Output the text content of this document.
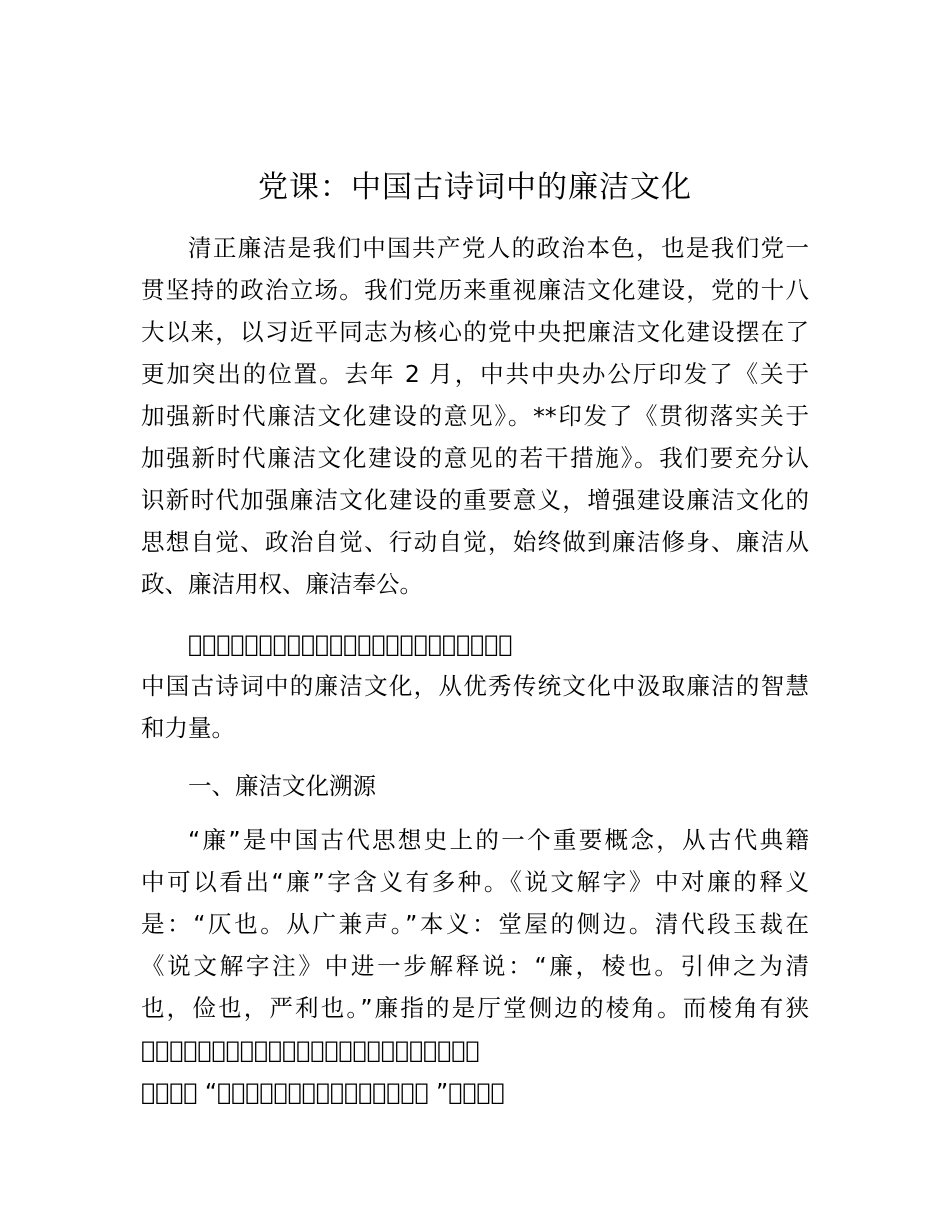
党课：中国古诗词中的廉洁文化
清正廉洁是我们中国共产党人的政治本色，也是我们党一
贯坚持的政治立场。我们党历来重视廉洁文化建设，党的十八
大以来，以习近平同志为核心的党中央把廉洁文化建设摆在了
更加突出的位置。去年 2 月，中共中央办公厅印发了《关于
加强新时代廉洁文化建设的意见》。**印发了《贯彻落实关于
加强新时代廉洁文化建设的意见的若干措施》。我们要充分认
识新时代加强廉洁文化建设的重要意义，增强建设廉洁文化的
思想自觉、政治自觉、行动自觉，始终做到廉洁修身、廉洁从
政、廉洁用权、廉洁奉公。
􀀀􀀀􀀀􀀀􀀀􀀀􀀀􀀀􀀀􀀀􀀀􀀀􀀀􀀀􀀀􀀀􀀀􀀀􀀀􀀀􀀀􀀀􀀀
中国古诗词中的廉洁文化，从优秀传统文化中汲取廉洁的智慧
和力量。
一、廉洁文化溯源
“廉”是中国古代思想史上的一个重要概念，从古代典籍
中可以看出“廉”字含义有多种。《说文解字》中对廉的释义
是：“仄也。从广兼声。”本义：堂屋的侧边。清代段玉裁在
《说文解字注》中进一步解释说：“廉，棱也。引伸之为清
也，俭也，严利也。”廉指的是厅堂侧边的棱角。而棱角有狭
􀀀􀀀􀀀􀀀􀀀􀀀􀀀􀀀􀀀􀀀􀀀􀀀􀀀􀀀􀀀􀀀􀀀􀀀􀀀􀀀􀀀􀀀􀀀􀀀
􀀀􀀀􀀀􀀀 “􀀀􀀀􀀀􀀀􀀀􀀀􀀀􀀀􀀀􀀀􀀀􀀀􀀀􀀀􀀀 ”􀀀􀀀􀀀􀀀
